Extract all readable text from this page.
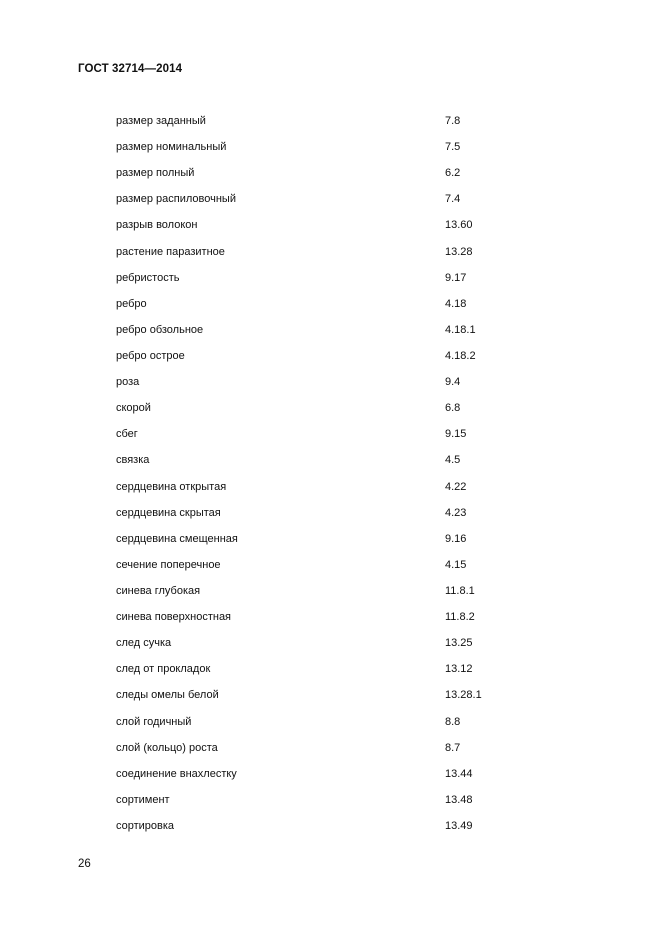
ГОСТ 32714—2014
размер заданный	7.8
размер номинальный	7.5
размер полный	6.2
размер распиловочный	7.4
разрыв волокон	13.60
растение паразитное	13.28
ребристость	9.17
ребро	4.18
ребро обзольное	4.18.1
ребро острое	4.18.2
роза	9.4
скорой	6.8
сбег	9.15
связка	4.5
сердцевина открытая	4.22
сердцевина скрытая	4.23
сердцевина смещенная	9.16
сечение поперечное	4.15
синева глубокая	11.8.1
синева поверхностная	11.8.2
след сучка	13.25
след от прокладок	13.12
следы омелы белой	13.28.1
слой годичный	8.8
слой (кольцо) роста	8.7
соединение внахлестку	13.44
сортимент	13.48
сортировка	13.49
26
